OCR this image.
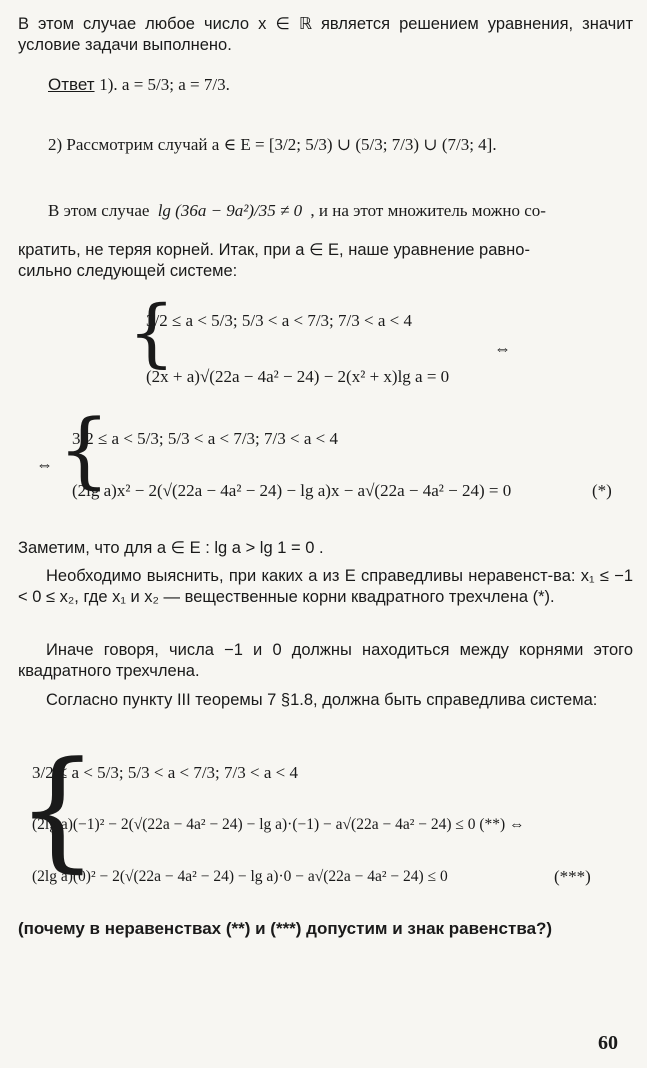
В этом случае любое число x ∈ ℝ является решением уравнения, значит условие задачи выполнено.
Ответ 1). a = 5/3; a = 7/3.
2) Рассмотрим случай a ∈ E = [3/2; 5/3) ∪ (5/3; 7/3) ∪ (7/3; 4].
В этом случае lg (36a − 9a²)/35 ≠ 0 , и на этот множитель можно со-
кратить, не теряя корней. Итак, при a ∈ E, наше уравнение равно-
сильно следующей системе:
{
3/2 ≤ a < 5/3; 5/3 < a < 7/3; 7/3 < a < 4
(2x + a)√(22a − 4a² − 24) − 2(x² + x)lg a = 0
⇔
⇔ {
3/2 ≤ a < 5/3; 5/3 < a < 7/3; 7/3 < a < 4
(2lg a)x² − 2(√(22a − 4a² − 24) − lg a)x − a√(22a − 4a² − 24) = 0	(*)
Заметим, что для a ∈ E : lg a > lg 1 = 0 .
Необходимо выяснить, при каких a из E справедливы неравенст-ва: x₁ ≤ −1 < 0 ≤ x₂, где x₁ и x₂ — вещественные корни квадратного трехчлена (*).
Иначе говоря, числа −1 и 0 должны находиться между корнями этого квадратного трехчлена.
Согласно пункту III теоремы 7 §1.8, должна быть справедлива система:
{
3/2 ≤ a < 5/3; 5/3 < a < 7/3; 7/3 < a < 4
(2lg a)(−1)² − 2(√(22a − 4a² − 24) − lg a)·(−1) − a√(22a − 4a² − 24) ≤ 0 (**) ⇔
(2lg a)(0)² − 2(√(22a − 4a² − 24) − lg a)·0 − a√(22a − 4a² − 24) ≤ 0	(***)
(почему в неравенствах (**) и (***) допустим и знак равенства?)
60
